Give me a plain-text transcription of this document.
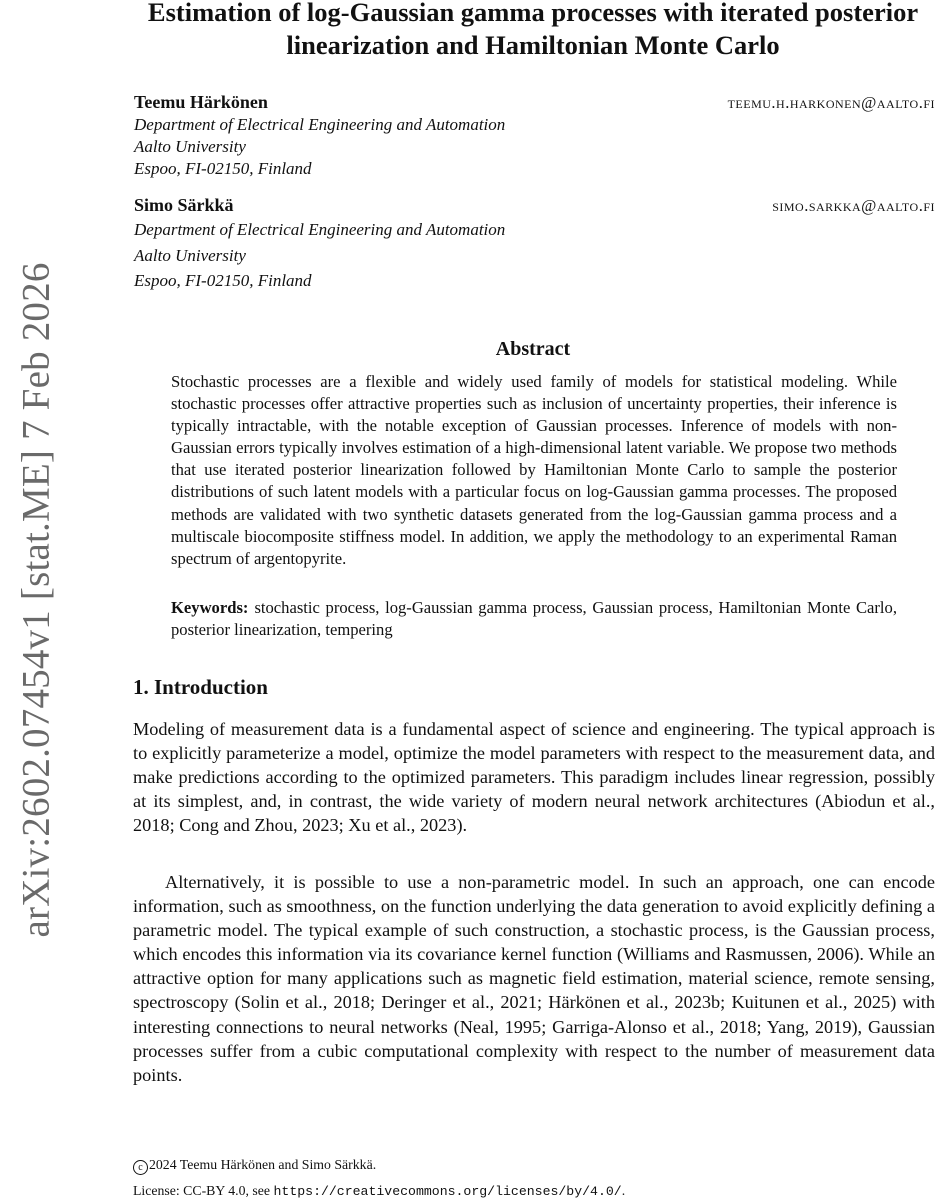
arXiv:2602.07454v1 [stat.ME] 7 Feb 2026
Estimation of log-Gaussian gamma processes with iterated posterior linearization and Hamiltonian Monte Carlo
Teemu Härkönen	teemu.h.harkonen@aalto.fi
Department of Electrical Engineering and Automation
Aalto University
Espoo, FI-02150, Finland
Simo Särkkä	simo.sarkka@aalto.fi
Department of Electrical Engineering and Automation
Aalto University
Espoo, FI-02150, Finland
Abstract
Stochastic processes are a flexible and widely used family of models for statistical modeling. While stochastic processes offer attractive properties such as inclusion of uncertainty properties, their inference is typically intractable, with the notable exception of Gaussian processes. Inference of models with non-Gaussian errors typically involves estimation of a high-dimensional latent variable. We propose two methods that use iterated posterior linearization followed by Hamiltonian Monte Carlo to sample the posterior distributions of such latent models with a particular focus on log-Gaussian gamma processes. The proposed methods are validated with two synthetic datasets generated from the log-Gaussian gamma process and a multiscale biocomposite stiffness model. In addition, we apply the methodology to an experimental Raman spectrum of argentopyrite.
Keywords: stochastic process, log-Gaussian gamma process, Gaussian process, Hamiltonian Monte Carlo, posterior linearization, tempering
1. Introduction
Modeling of measurement data is a fundamental aspect of science and engineering. The typical approach is to explicitly parameterize a model, optimize the model parameters with respect to the measurement data, and make predictions according to the optimized parameters. This paradigm includes linear regression, possibly at its simplest, and, in contrast, the wide variety of modern neural network architectures (Abiodun et al., 2018; Cong and Zhou, 2023; Xu et al., 2023).
Alternatively, it is possible to use a non-parametric model. In such an approach, one can encode information, such as smoothness, on the function underlying the data generation to avoid explicitly defining a parametric model. The typical example of such construction, a stochastic process, is the Gaussian process, which encodes this information via its covariance kernel function (Williams and Rasmussen, 2006). While an attractive option for many applications such as magnetic field estimation, material science, remote sensing, spectroscopy (Solin et al., 2018; Deringer et al., 2021; Härkönen et al., 2023b; Kuitunen et al., 2025) with interesting connections to neural networks (Neal, 1995; Garriga-Alonso et al., 2018; Yang, 2019), Gaussian processes suffer from a cubic computational complexity with respect to the number of measurement data points.
c 2024 Teemu Härkönen and Simo Särkkä.
License: CC-BY 4.0, see https://creativecommons.org/licenses/by/4.0/.
